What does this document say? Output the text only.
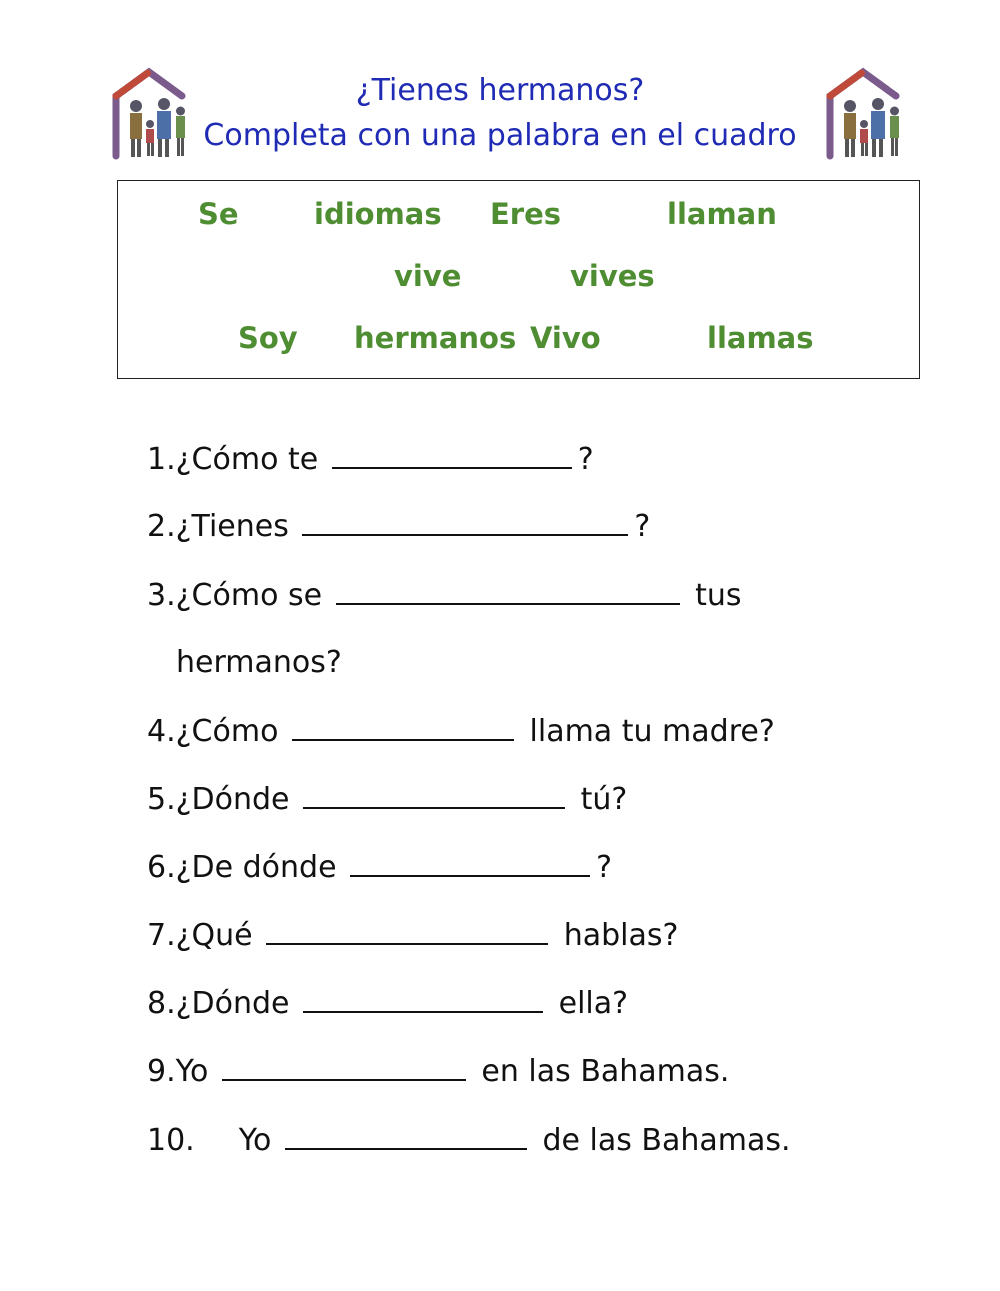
¿Tienes hermanos?
Completa con una palabra en el cuadro
Se	idiomas Eres	llaman
vive	vives
Soy hermanos Vivo	llamas
1.¿Cómo te	?
2.¿Tienes	?
3.¿Cómo se	tus
hermanos?
4.¿Cómo	llama tu madre?
5.¿Dónde	tú?
6.¿De dónde	?
7.¿Qué	hablas?
8.¿Dónde	ella?
9.Yo	en las Bahamas.
10. Yo	de las Bahamas.
